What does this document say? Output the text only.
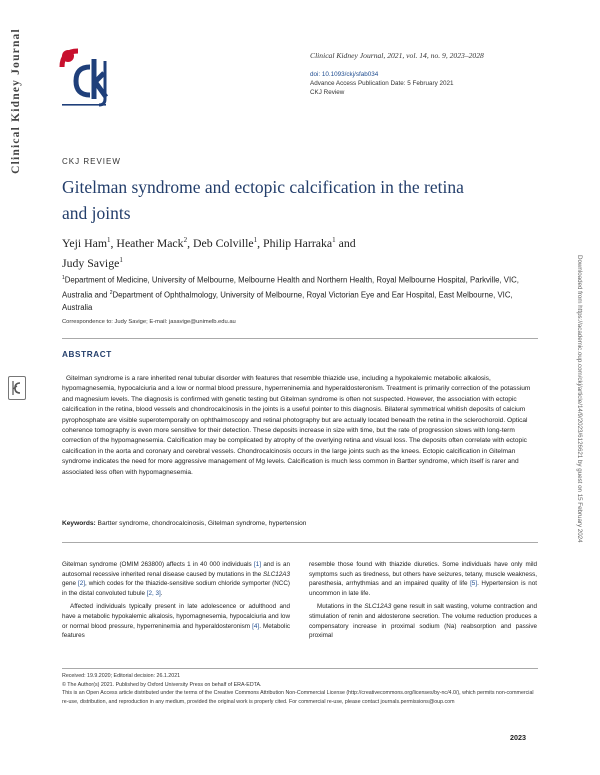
Clinical Kidney Journal
Downloaded from https://academic.oup.com/ckj/article/14/9/2023/6126621 by guest on 15 February 2024
Clinical Kidney Journal, 2021, vol. 14, no. 9, 2023–2028
doi: 10.1093/ckj/sfab034
Advance Access Publication Date: 5 February 2021
CKJ Review
CKJ REVIEW
Gitelman syndrome and ectopic calcification in the retina and joints
Yeji Ham$^1$, Heather Mack$^2$, Deb Colville$^1$, Philip Harraka$^1$ and
Judy Savige$^1$
$^1$Department of Medicine, University of Melbourne, Melbourne Health and Northern Health, Royal Melbourne Hospital, Parkville, VIC, Australia and $^2$Department of Ophthalmology, University of Melbourne, Royal Victorian Eye and Ear Hospital, East Melbourne, VIC, Australia
Correspondence to: Judy Savige; E-mail: jasavige@unimelb.edu.au
ABSTRACT

Gitelman syndrome is a rare inherited renal tubular disorder with features that resemble thiazide use, including a hypokalemic metabolic alkalosis, hypomagnesemia, hypocalciuria and a low or normal blood pressure, hyperreninemia and hyperaldosteronism. Treatment is primarily correction of the potassium and magnesium levels. The diagnosis is confirmed with genetic testing but Gitelman syndrome is often not suspected. However, the association with ectopic calcification in the retina, blood vessels and chondrocalcinosis in the joints is a useful pointer to this diagnosis. Bilateral symmetrical whitish deposits of calcium pyrophosphate are visible superotemporally on ophthalmoscopy and retinal photography but are actually located beneath the retina in the sclerochoroid. Optical coherence tomography is even more sensitive for their detection. These deposits increase in size with time, but the rate of progression slows with long-term correction of the hypomagnesemia. Calcification may be complicated by atrophy of the overlying retina and visual loss. The deposits often correlate with ectopic calcification in the aorta and coronary and cerebral vessels. Chondrocalcinosis occurs in the large joints such as the knees. Ectopic calcification in Gitelman syndrome indicates the need for more aggressive management of Mg levels. Calcification is much less common in Bartter syndrome, which itself is rarer and associated less often with hypomagnesemia.

Keywords: Bartter syndrome, chondrocalcinosis, Gitelman syndrome, hypertension

Gitelman syndrome (OMIM 263800) affects 1 in 40 000 individuals [1] and is an autosomal recessive inherited renal disease caused by mutations in the SLC12A3 gene [2], which codes for the thiazide-sensitive sodium chloride symporter (NCC) in the distal convoluted tubule [2, 3].

Affected individuals typically present in late adolescence or adulthood and have a metabolic hypokalemic alkalosis, hypomagnesemia, hypocalciuria and low or normal blood pressure, hyperreninemia and hyperaldosteronism [4]. Metabolic features

resemble those found with thiazide diuretics. Some individuals have only mild symptoms such as tiredness, but others have seizures, tetany, muscle weakness, paresthesia, arrhythmias and an impaired quality of life [5]. Hypertension is not uncommon in late life.

Mutations in the SLC12A3 gene result in salt wasting, volume contraction and stimulation of renin and aldosterone secretion. The volume reduction produces a compensatory increase in proximal sodium (Na) reabsorption and passive proximal

Received: 19.9.2020; Editorial decision: 26.1.2021
© The Author(s) 2021. Published by Oxford University Press on behalf of ERA-EDTA.
This is an Open Access article distributed under the terms of the Creative Commons Attribution Non-Commercial License (http://creativecommons.org/licenses/by-nc/4.0/), which permits non-commercial re-use, distribution, and reproduction in any medium, provided the original work is properly cited. For commercial re-use, please contact journals.permissions@oup.com
2023
